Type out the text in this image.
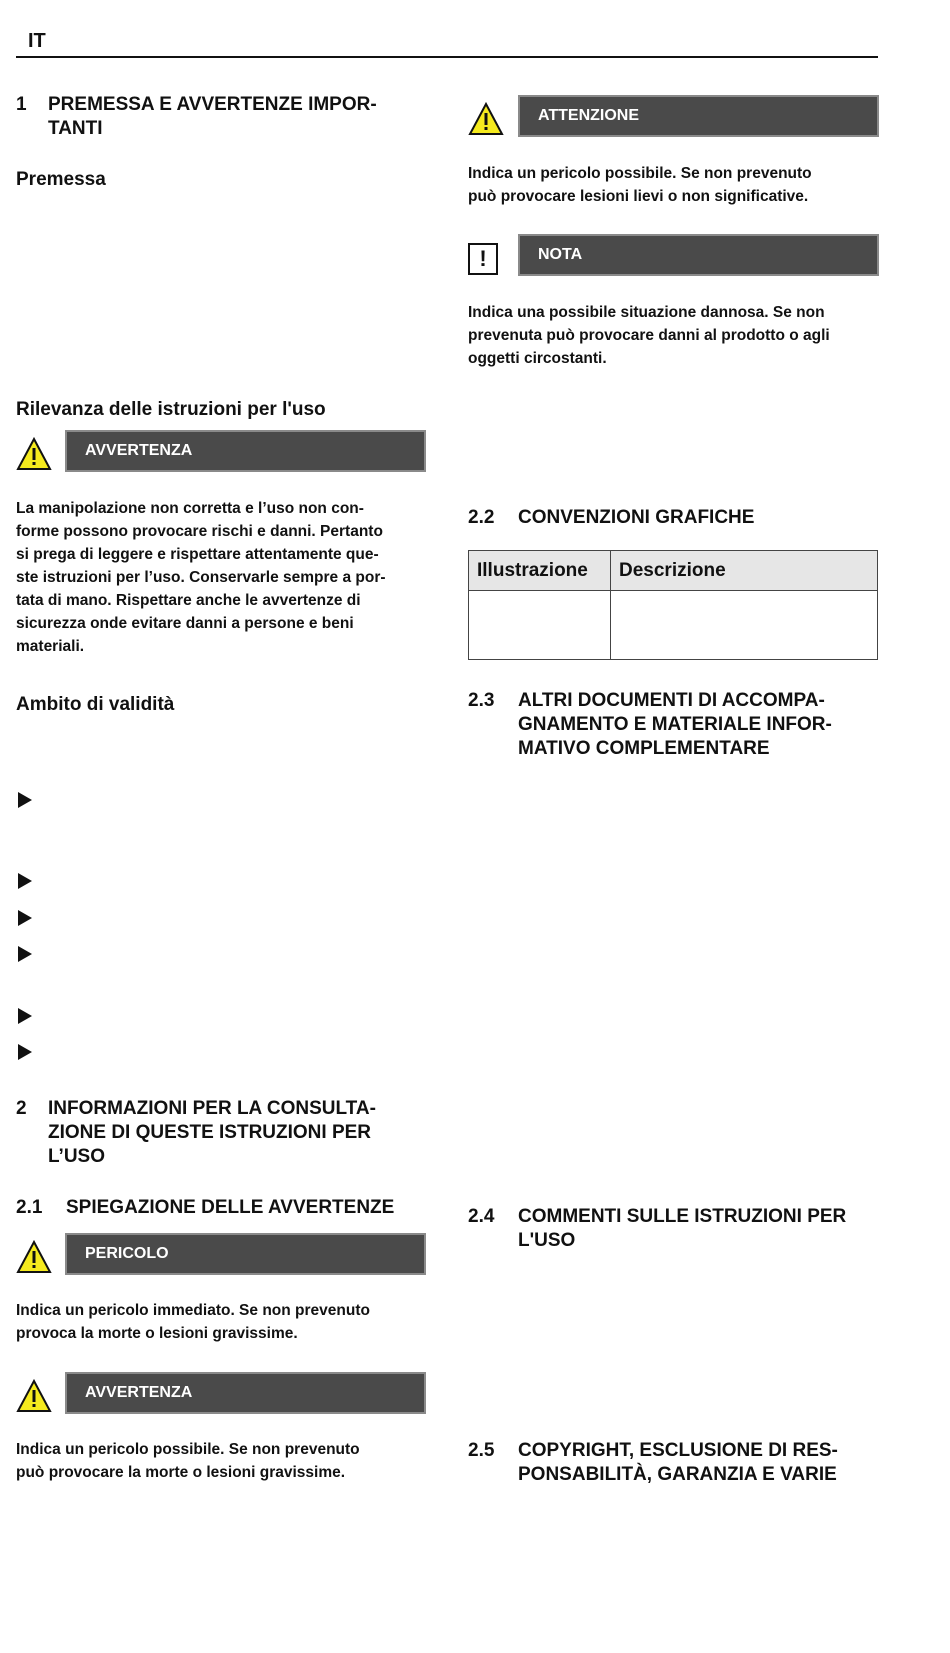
IT
1 PREMESSA E AVVERTENZE IMPOR-
TANTI
Premessa
Rilevanza delle istruzioni per l'uso
AVVERTENZA
La manipolazione non corretta e l’uso non con-
forme possono provocare rischi e danni. Pertanto
si prega di leggere e rispettare attentamente que-
ste istruzioni per l’uso. Conservarle sempre a por-
tata di mano. Rispettare anche le avvertenze di
sicurezza onde evitare danni a persone e beni
materiali.
Ambito di validità
2 INFORMAZIONI PER LA CONSULTA-
ZIONE DI QUESTE ISTRUZIONI PER
L’USO
2.1 SPIEGAZIONE DELLE AVVERTENZE
PERICOLO
Indica un pericolo immediato. Se non prevenuto
provoca la morte o lesioni gravissime.
AVVERTENZA
Indica un pericolo possibile. Se non prevenuto
può provocare la morte o lesioni gravissime.
ATTENZIONE
Indica un pericolo possibile. Se non prevenuto
può provocare lesioni lievi o non significative.
!	NOTA
Indica una possibile situazione dannosa. Se non
prevenuta può provocare danni al prodotto o agli
oggetti circostanti.
2.2 CONVENZIONI GRAFICHE
Illustrazione	Descrizione

2.3 ALTRI DOCUMENTI DI ACCOMPA-
GNAMENTO E MATERIALE INFOR-
MATIVO COMPLEMENTARE
2.4 COMMENTI SULLE ISTRUZIONI PER
L'USO
2.5 COPYRIGHT, ESCLUSIONE DI RES-
PONSABILITÀ, GARANZIA E VARIE
